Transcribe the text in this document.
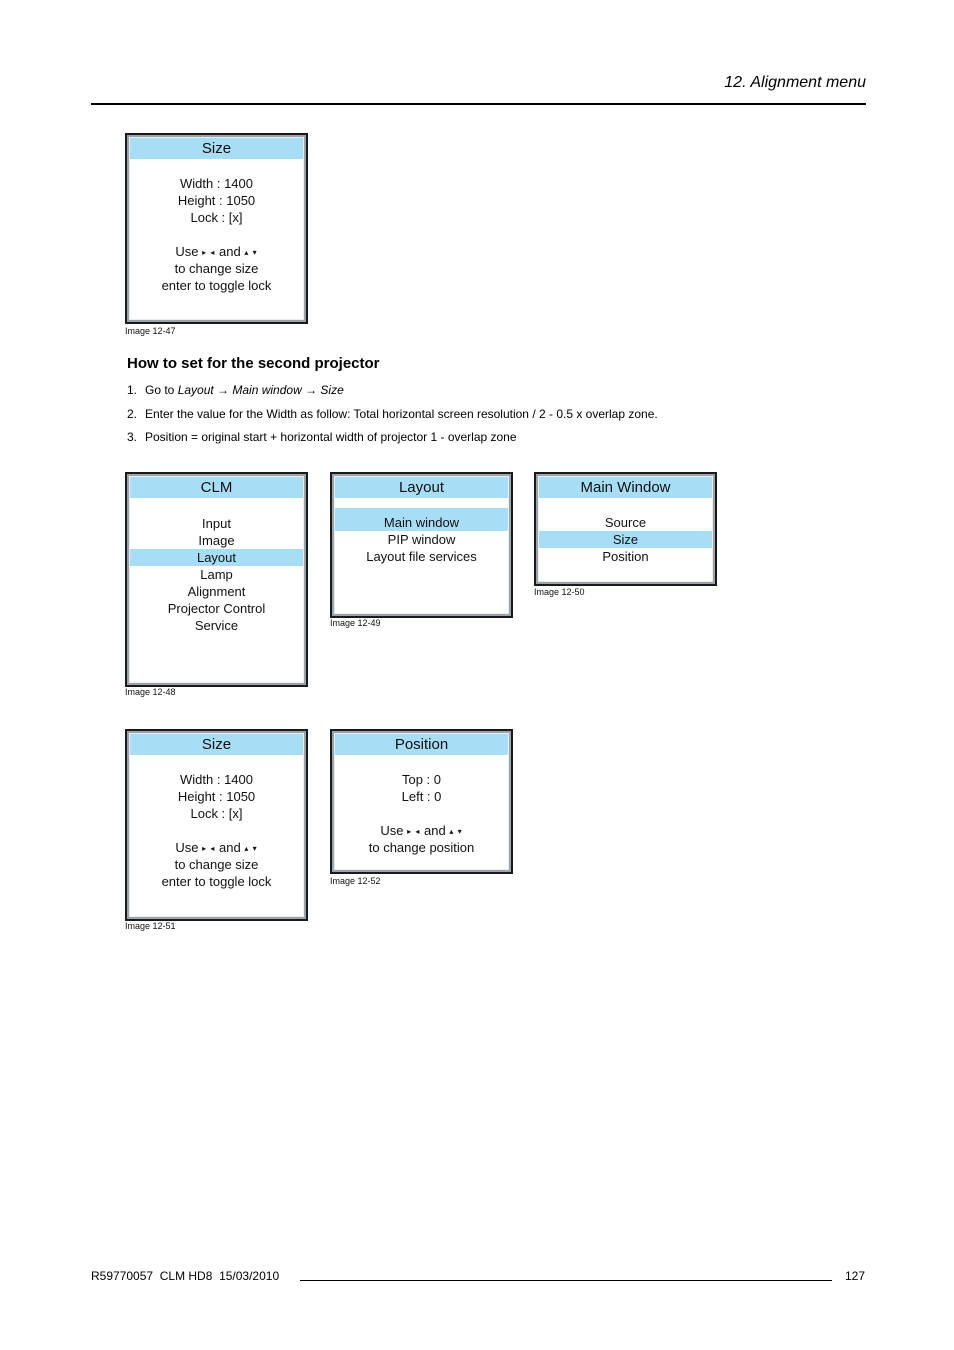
12. Alignment menu
Size
Width : 1400
Height : 1050
Lock : [x]
Use ▸ ◂ and ▴ ▾
to change size
enter to toggle lock
Image 12-47
How to set for the second projector
1. Go to Layout → Main window → Size
2. Enter the value for the Width as follow: Total horizontal screen resolution / 2 - 0.5 x overlap zone.
3. Position = original start + horizontal width of projector 1 - overlap zone
CLM
Input
Image
Layout
Lamp
Alignment
Projector Control
Service
Image 12-48
Layout
Main window
PIP window
Layout file services
Image 12-49
Main Window
Source
Size
Position
Image 12-50
Size
Width : 1400
Height : 1050
Lock : [x]
Use ▸ ◂ and ▴ ▾
to change size
enter to toggle lock
Image 12-51
Position
Top : 0
Left : 0
Use ▸ ◂ and ▴ ▾
to change position
Image 12-52
R59770057  CLM HD8  15/03/2010	127
